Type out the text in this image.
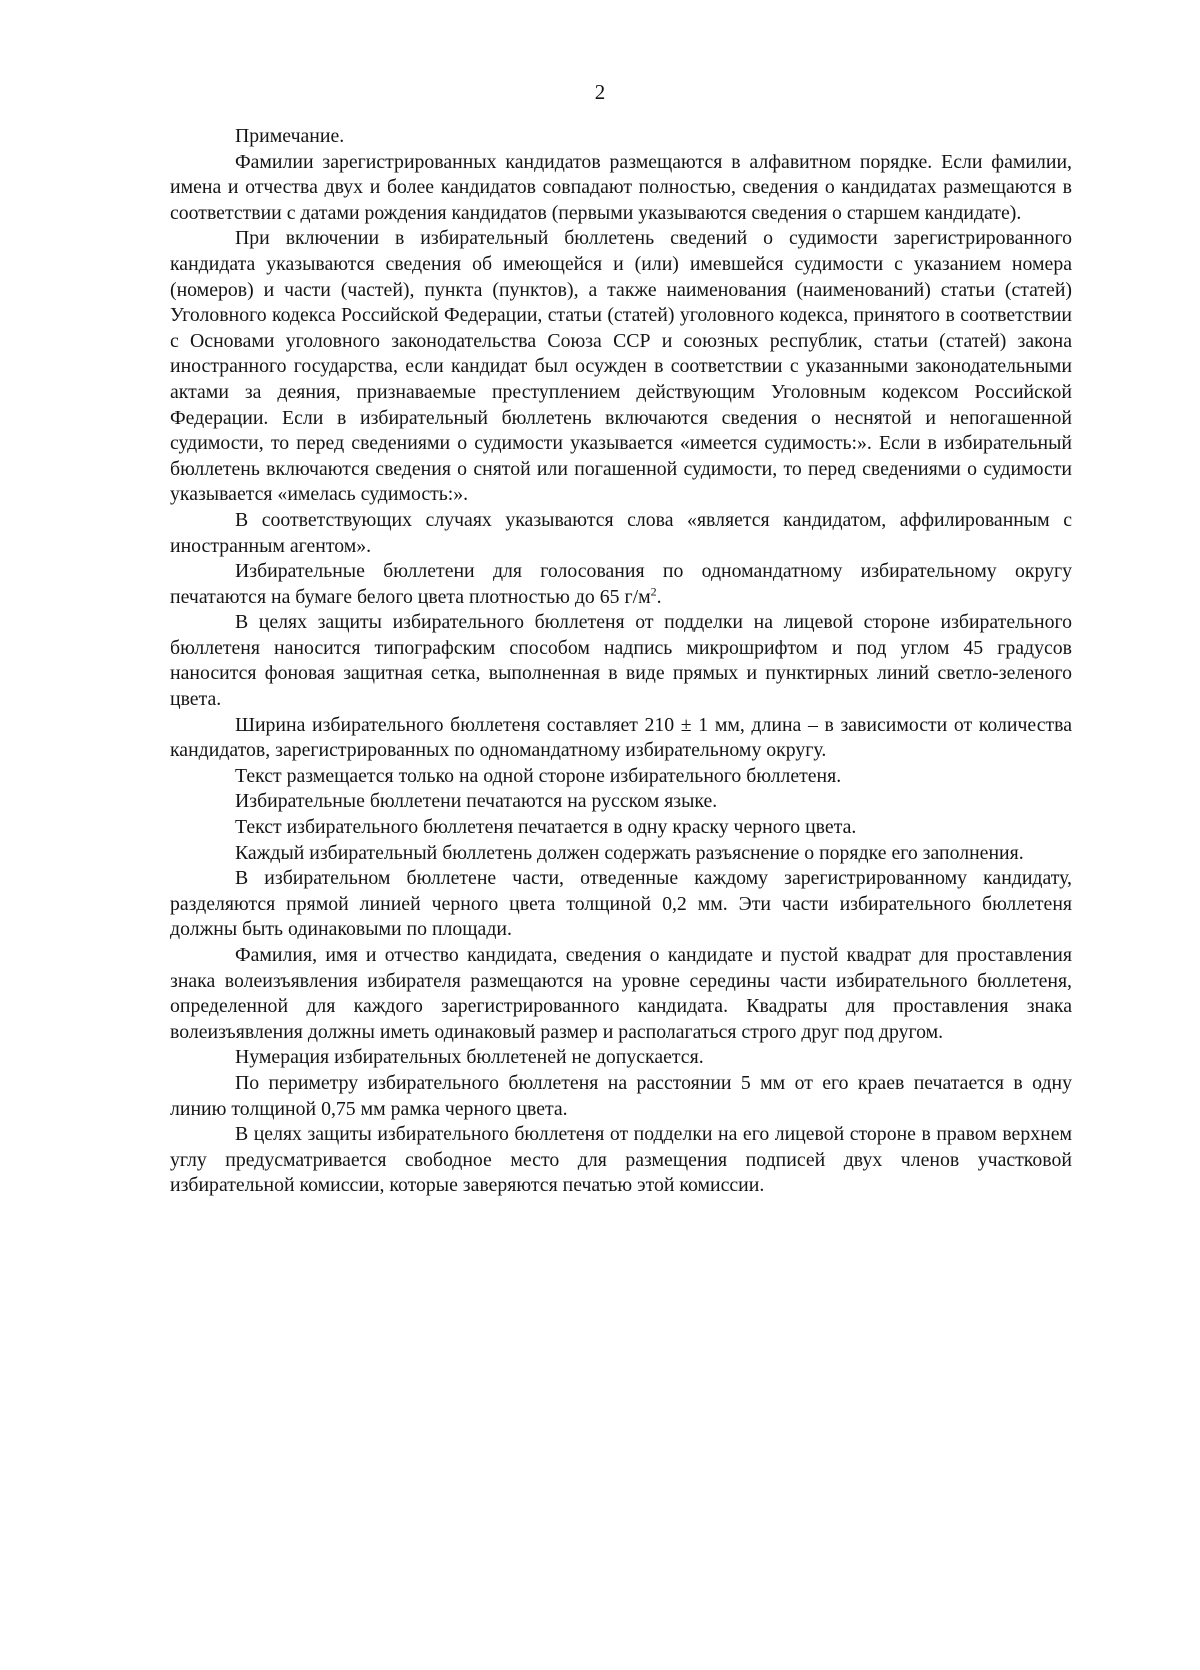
2

Примечание.

Фамилии зарегистрированных кандидатов размещаются в алфавитном порядке. Если фамилии, имена и отчества двух и более кандидатов совпадают полностью, сведения о кандидатах размещаются в соответствии с датами рождения кандидатов (первыми указываются сведения о старшем кандидате).

При включении в избирательный бюллетень сведений о судимости зарегистрированного кандидата указываются сведения об имеющейся и (или) имевшейся судимости с указанием номера (номеров) и части (частей), пункта (пунктов), а также наименования (наименований) статьи (статей) Уголовного кодекса Российской Федерации, статьи (статей) уголовного кодекса, принятого в соответствии с Основами уголовного законодательства Союза ССР и союзных республик, статьи (статей) закона иностранного государства, если кандидат был осужден в соответствии с указанными законодательными актами за деяния, признаваемые преступлением действующим Уголовным кодексом Российской Федерации. Если в избирательный бюллетень включаются сведения о неснятой и непогашенной судимости, то перед сведениями о судимости указывается «имеется судимость:». Если в избирательный бюллетень включаются сведения о снятой или погашенной судимости, то перед сведениями о судимости указывается «имелась судимость:».

В соответствующих случаях указываются слова «является кандидатом, аффилированным с иностранным агентом».

Избирательные бюллетени для голосования по одномандатному избирательному округу печатаются на бумаге белого цвета плотностью до 65 $г/м^2$.

В целях защиты избирательного бюллетеня от подделки на лицевой стороне избирательного бюллетеня наносится типографским способом надпись микрошрифтом и под углом 45 градусов наносится фоновая защитная сетка, выполненная в виде прямых и пунктирных линий светло-зеленого цвета.

Ширина избирательного бюллетеня составляет 210 ± 1 мм, длина – в зависимости от количества кандидатов, зарегистрированных по одномандатному избирательному округу.

Текст размещается только на одной стороне избирательного бюллетеня.

Избирательные бюллетени печатаются на русском языке.

Текст избирательного бюллетеня печатается в одну краску черного цвета.

Каждый избирательный бюллетень должен содержать разъяснение о порядке его заполнения.

В избирательном бюллетене части, отведенные каждому зарегистрированному кандидату, разделяются прямой линией черного цвета толщиной 0,2 мм. Эти части избирательного бюллетеня должны быть одинаковыми по площади.

Фамилия, имя и отчество кандидата, сведения о кандидате и пустой квадрат для проставления знака волеизъявления избирателя размещаются на уровне середины части избирательного бюллетеня, определенной для каждого зарегистрированного кандидата. Квадраты для проставления знака волеизъявления должны иметь одинаковый размер и располагаться строго друг под другом.

Нумерация избирательных бюллетеней не допускается.

По периметру избирательного бюллетеня на расстоянии 5 мм от его краев печатается в одну линию толщиной 0,75 мм рамка черного цвета.

В целях защиты избирательного бюллетеня от подделки на его лицевой стороне в правом верхнем углу предусматривается свободное место для размещения подписей двух членов участковой избирательной комиссии, которые заверяются печатью этой комиссии.
